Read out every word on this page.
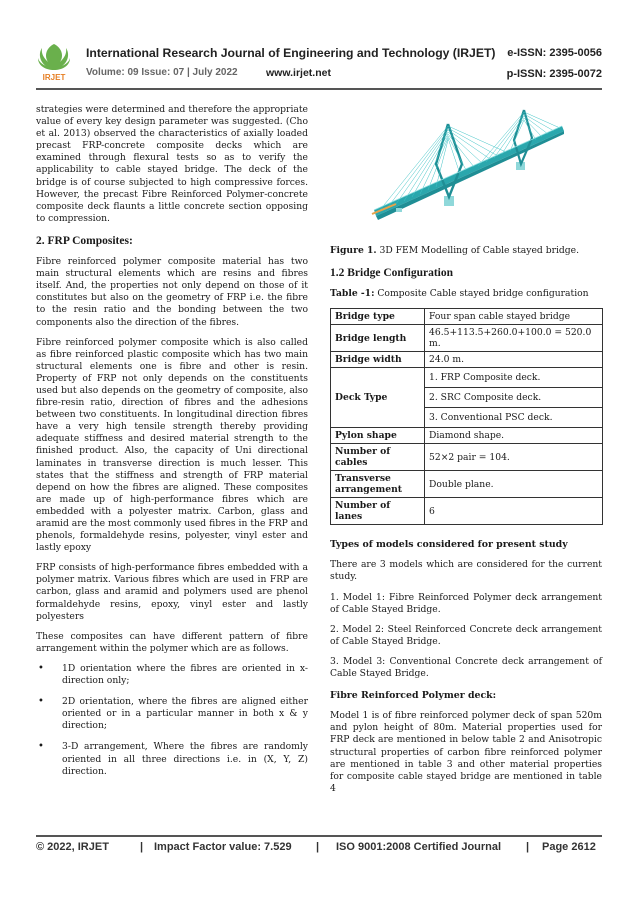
IRJET
International Research Journal of Engineering and Technology (IRJET) e-ISSN: 2395-0056
Volume: 09 Issue: 07 | July 2022	www.irjet.net	p-ISSN: 2395-0072

strategies were determined and therefore the appropriate value of every key design parameter was suggested. (Cho et al. 2013) observed the characteristics of axially loaded precast FRP-concrete composite decks which are examined through flexural tests so as to verify the applicability to cable stayed bridge. The deck of the bridge is of course subjected to high compressive forces. However, the precast Fibre Reinforced Polymer-concrete composite deck flaunts a little concrete section opposing to compression.

2. FRP Composites:

Fibre reinforced polymer composite material has two main structural elements which are resins and fibres itself. And, the properties not only depend on those of it constitutes but also on the geometry of FRP i.e. the fibre to the resin ratio and the bonding between the two components also the direction of the fibres.

Fibre reinforced polymer composite which is also called as fibre reinforced plastic composite which has two main structural elements one is fibre and other is resin. Property of FRP not only depends on the constituents used but also depends on the geometry of composite, also fibre-resin ratio, direction of fibres and the adhesions between two constituents. In longitudinal direction fibres have a very high tensile strength thereby providing adequate stiffness and desired material strength to the finished product. Also, the capacity of Uni directional laminates in transverse direction is much lesser. This states that the stiffness and strength of FRP material depend on how the fibres are aligned. These composites are made up of high-performance fibres which are embedded with a polyester matrix. Carbon, glass and aramid are the most commonly used fibres in the FRP and phenols, formaldehyde resins, polyester, vinyl ester and lastly epoxy

FRP consists of high-performance fibres embedded with a polymer matrix. Various fibres which are used in FRP are carbon, glass and aramid and polymers used are phenol formaldehyde resins, epoxy, vinyl ester and lastly polyesters

These composites can have different pattern of fibre arrangement within the polymer which are as follows.

• 1D orientation where the fibres are oriented in x-direction only;
• 2D orientation, where the fibres are aligned either oriented or in a particular manner in both x & y direction;
• 3-D arrangement, Where the fibres are randomly oriented in all three directions i.e. in (X, Y, Z) direction.

Figure 1. 3D FEM Modelling of Cable stayed bridge.

1.2 Bridge Configuration

Table -1: Composite Cable stayed bridge configuration

Bridge type	Four span cable stayed bridge
Bridge length	46.5+113.5+260.0+100.0 = 520.0 m.
Bridge width	24.0 m.
Deck Type	1. FRP Composite deck.
	2. SRC Composite deck.
	3. Conventional PSC deck.
Pylon shape	Diamond shape.
Number of cables	52×2 pair = 104.
Transverse arrangement	Double plane.
Number of lanes	6
Types of models considered for present study

There are 3 models which are considered for the current study.

1. Model 1: Fibre Reinforced Polymer deck arrangement of Cable Stayed Bridge.

2. Model 2: Steel Reinforced Concrete deck arrangement of Cable Stayed Bridge.

3. Model 3: Conventional Concrete deck arrangement of Cable Stayed Bridge.

Fibre Reinforced Polymer deck:

Model 1 is of fibre reinforced polymer deck of span 520m and pylon height of 80m. Material properties used for FRP deck are mentioned in below table 2 and Anisotropic structural properties of carbon fibre reinforced polymer are mentioned in table 3 and other material properties for composite cable stayed bridge are mentioned in table 4

© 2022, IRJET	| Impact Factor value: 7.529 | ISO 9001:2008 Certified Journal | Page 2612
